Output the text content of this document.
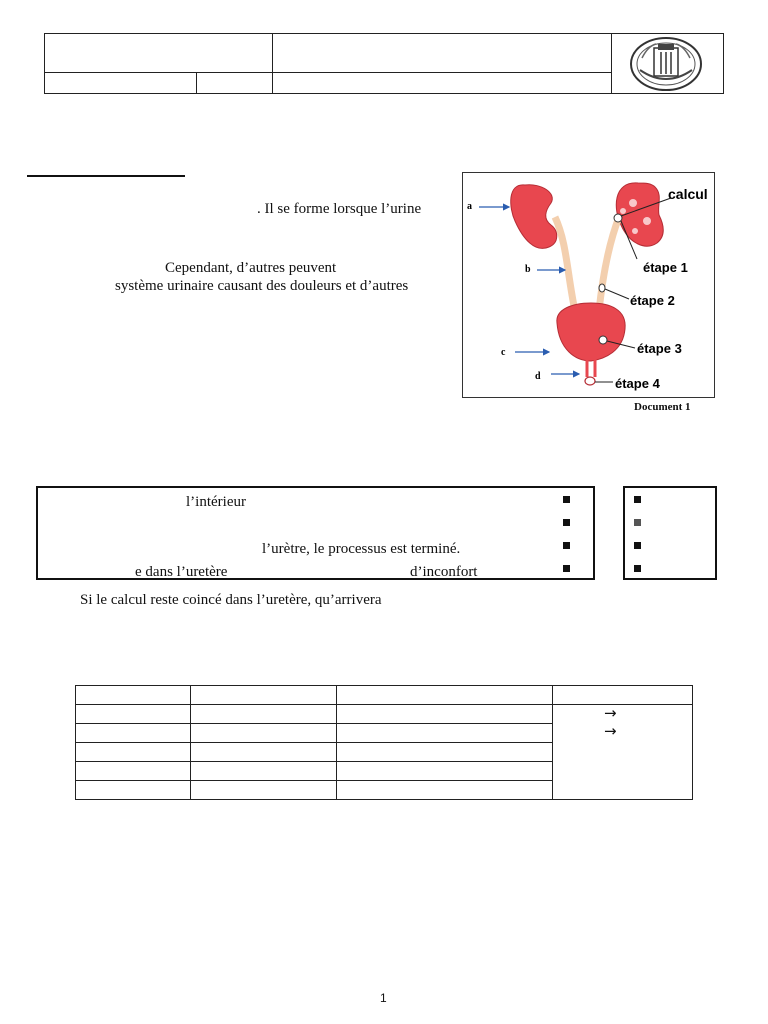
. Il se forme lorsque l’urine
Cependant, d’autres peuvent
système urinaire causant des douleurs et d’autres
a
b
c
d
calcul
étape 1
étape 2
étape 3
étape 4
Document 1
l’intérieur
l’urètre, le processus est terminé.
e dans l’uretère	d’inconfort
Si le calcul reste coincé dans l’uretère, qu’arrivera

→
→
1
